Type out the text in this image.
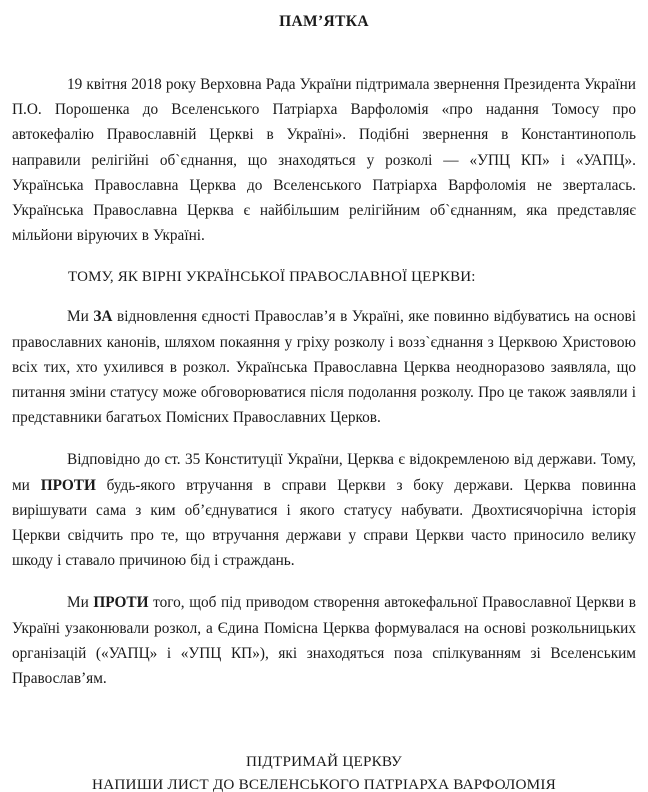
ПАМ’ЯТКА

19 квітня 2018 року Верховна Рада України підтримала звернення Президента України П.О. Порошенка до Вселенського Патріарха Варфоломія «про надання Томосу про автокефалію Православній Церкві в Україні». Подібні звернення в Константинополь направили релігійні об`єднання, що знаходяться у розколі — «УПЦ КП» і «УАПЦ». Українська Православна Церква до Вселенського Патріарха Варфоломія не зверталась. Українська Православна Церква є найбільшим релігійним об`єднанням, яка представляє мільйони віруючих в Україні.

ТОМУ, ЯК ВІРНІ УКРАЇНСЬКОЇ ПРАВОСЛАВНОЇ ЦЕРКВИ:

Ми ЗА відновлення єдності Православ’я в Україні, яке повинно відбуватись на основі православних канонів, шляхом покаяння у гріху розколу і возз`єднання з Церквою Христовою всіх тих, хто ухилився в розкол. Українська Православна Церква неодноразово заявляла, що питання зміни статусу може обговорюватися після подолання розколу. Про це також заявляли і представники багатьох Помісних Православних Церков.

Відповідно до ст. 35 Конституції України, Церква є відокремленою від держави. Тому, ми ПРОТИ будь-якого втручання в справи Церкви з боку держави. Церква повинна вирішувати сама з ким об’єднуватися і якого статусу набувати. Двохтисячорічна історія Церкви свідчить про те, що втручання держави у справи Церкви часто приносило велику шкоду і ставало причиною бід і страждань.

Ми ПРОТИ того, щоб під приводом створення автокефальної Православної Церкви в Україні узаконювали розкол, а Єдина Помісна Церква формувалася на основі розкольницьких організацій («УАПЦ» і «УПЦ КП»), які знаходяться поза спілкуванням зі Вселенським Православ’ям.

ПІДТРИМАЙ ЦЕРКВУ
НАПИШИ ЛИСТ ДО ВСЕЛЕНСЬКОГО ПАТРІАРХА ВАРФОЛОМІЯ
